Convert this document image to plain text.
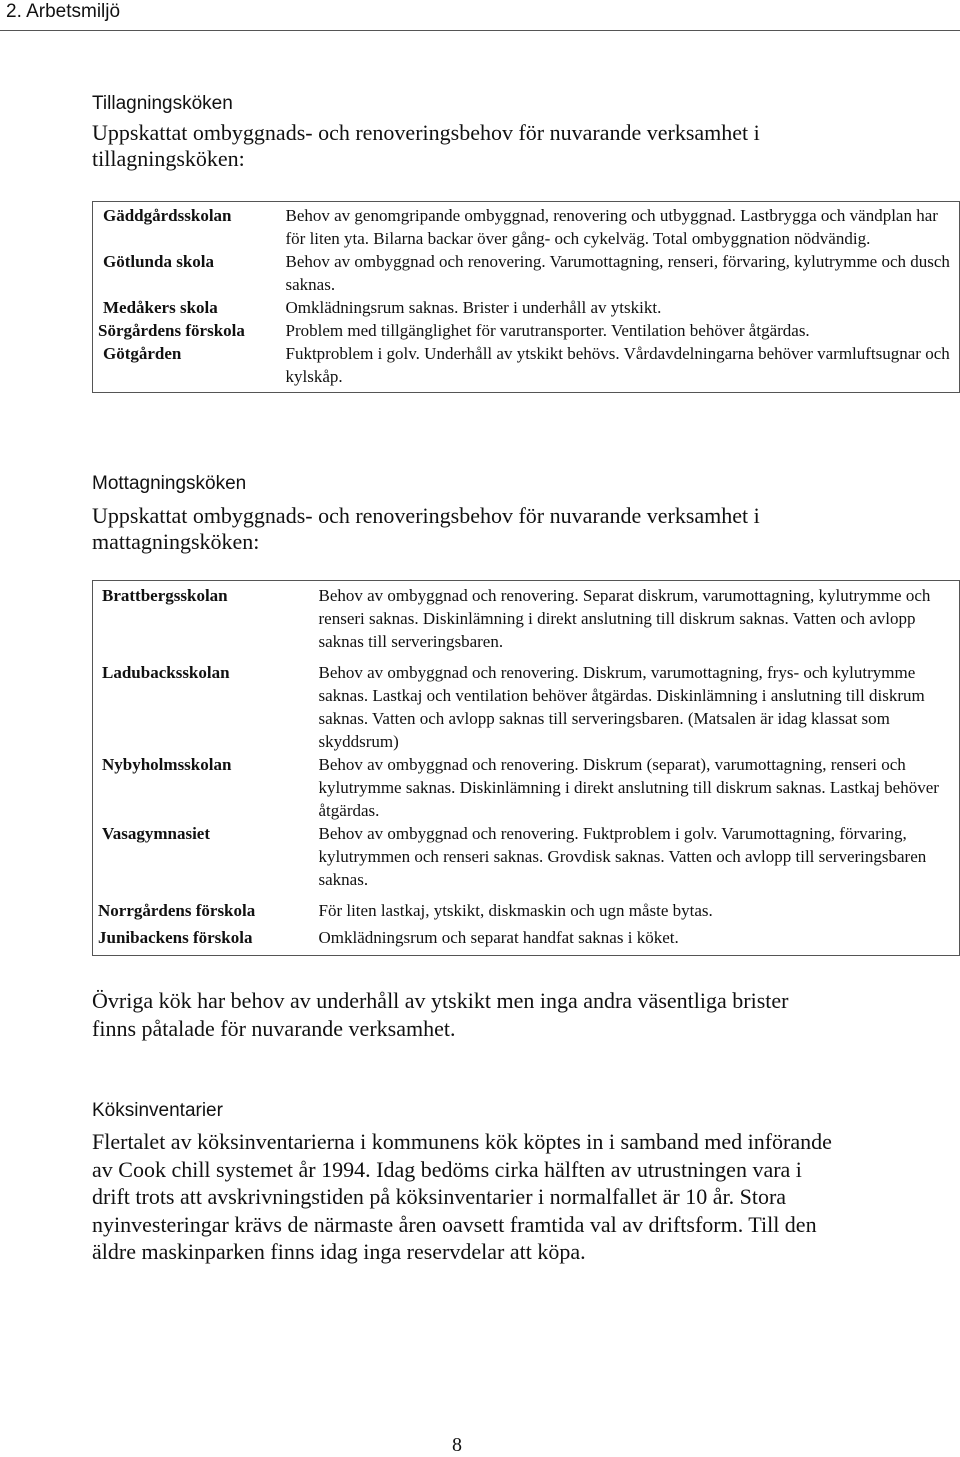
2. Arbetsmiljö
Tillagningsköken
Uppskattat ombyggnads- och renoveringsbehov för nuvarande verksamhet i tillagningsköken:
Gäddgårdsskolan	Behov av genomgripande ombyggnad, renovering och utbyggnad. Lastbrygga och vändplan har för liten yta. Bilarna backar över gång- och cykelväg. Total ombyggnation nödvändig.
Götlunda skola	Behov av ombyggnad och renovering. Varumottagning, renseri, förvaring, kylutrymme och dusch saknas.
Medåkers skola	Omklädningsrum saknas. Brister i underhåll av ytskikt.
Sörgårdens förskola	Problem med tillgänglighet för varutransporter. Ventilation behöver åtgärdas.
Götgården	Fuktproblem i golv. Underhåll av ytskikt behövs. Vårdavdelningarna behöver varmluftsugnar och kylskåp.
Mottagningsköken
Uppskattat ombyggnads- och renoveringsbehov för nuvarande verksamhet i mattagningsköken:
Brattbergsskolan	Behov av ombyggnad och renovering. Separat diskrum, varumottagning, kylutrymme och renseri saknas. Diskinlämning i direkt anslutning till diskrum saknas. Vatten och avlopp saknas till serveringsbaren.
Ladubacksskolan	Behov av ombyggnad och renovering. Diskrum, varumottagning, frys- och kylutrymme saknas. Lastkaj och ventilation behöver åtgärdas. Diskinlämning i anslutning till diskrum saknas. Vatten och avlopp saknas till serveringsbaren. (Matsalen är idag klassat som skyddsrum)
Nybyholmsskolan	Behov av ombyggnad och renovering. Diskrum (separat), varumottagning, renseri och kylutrymme saknas. Diskinlämning i direkt anslutning till diskrum saknas. Lastkaj behöver åtgärdas.
Vasagymnasiet	Behov av ombyggnad och renovering. Fuktproblem i golv. Varumottagning, förvaring, kylutrymmen och renseri saknas. Grovdisk saknas. Vatten och avlopp till serveringsbaren saknas.
Norrgårdens förskola	För liten lastkaj, ytskikt, diskmaskin och ugn måste bytas.
Junibackens förskola	Omklädningsrum och separat handfat saknas i köket.
Övriga kök har behov av underhåll av ytskikt men inga andra väsentliga brister finns påtalade för nuvarande verksamhet.
Köksinventarier
Flertalet av köksinventarierna i kommunens kök köptes in i samband med införande av Cook chill systemet år 1994. Idag bedöms cirka hälften av utrustningen vara i drift trots att avskrivningstiden på köksinventarier i normalfallet är 10 år. Stora nyinvesteringar krävs de närmaste åren oavsett framtida val av driftsform. Till den äldre maskinparken finns idag inga reservdelar att köpa.
8
